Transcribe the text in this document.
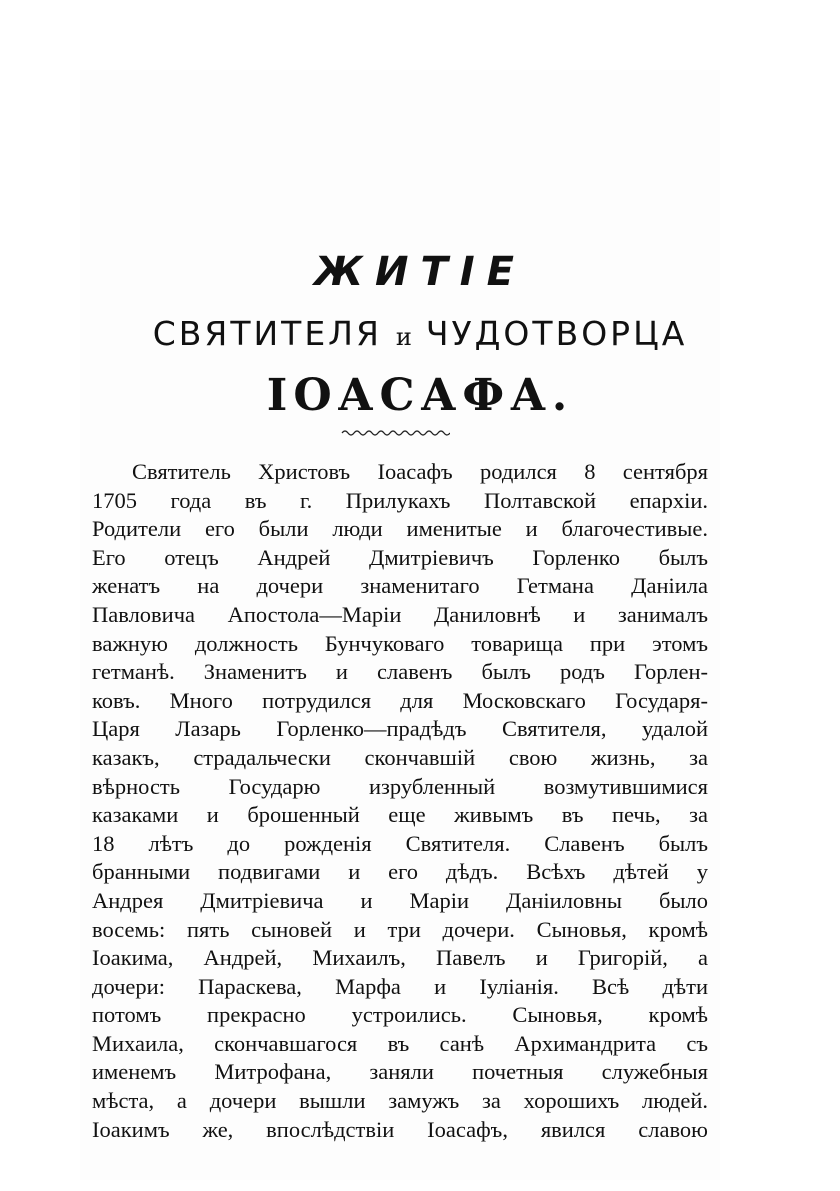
ЖИТІЕ
СВЯТИТЕЛЯ и ЧУДОТВОРЦА
ІОАСАФА.

Святитель Христовъ Іоасафъ родился 8 сентября
1705 года въ г. Прилукахъ Полтавской епархіи.
Родители его были люди именитые и благочестивые.
Его отецъ Андрей Дмитріевичъ Горленко былъ
женатъ на дочери знаменитаго Гетмана Даніила
Павловича Апостола—Маріи Даниловнѣ и занималъ
важную должность Бунчуковаго товарища при этомъ
гетманѣ. Знаменитъ и славенъ былъ родъ Горлен-
ковъ. Много потрудился для Московскаго Государя-
Царя Лазарь Горленко—прадѣдъ Святителя, удалой
казакъ, страдальчески скончавшій свою жизнь, за
вѣрность Государю изрубленный возмутившимися
казаками и брошенный еще живымъ въ печь, за
18 лѣтъ до рожденія Святителя. Славенъ былъ
бранными подвигами и его дѣдъ. Всѣхъ дѣтей у
Андрея Дмитріевича и Маріи Даніиловны было
восемь: пять сыновей и три дочери. Сыновья, кромѣ
Іоакима, Андрей, Михаилъ, Павелъ и Григорій, а
дочери: Параскева, Марфа и Іуліанія. Всѣ дѣти
потомъ прекрасно устроились. Сыновья, кромѣ
Михаила, скончавшагося въ санѣ Архимандрита съ
именемъ Митрофана, заняли почетныя служебныя
мѣста, а дочери вышли замужъ за хорошихъ людей.
Іоакимъ же, впослѣдствіи Іоасафъ, явился славою
